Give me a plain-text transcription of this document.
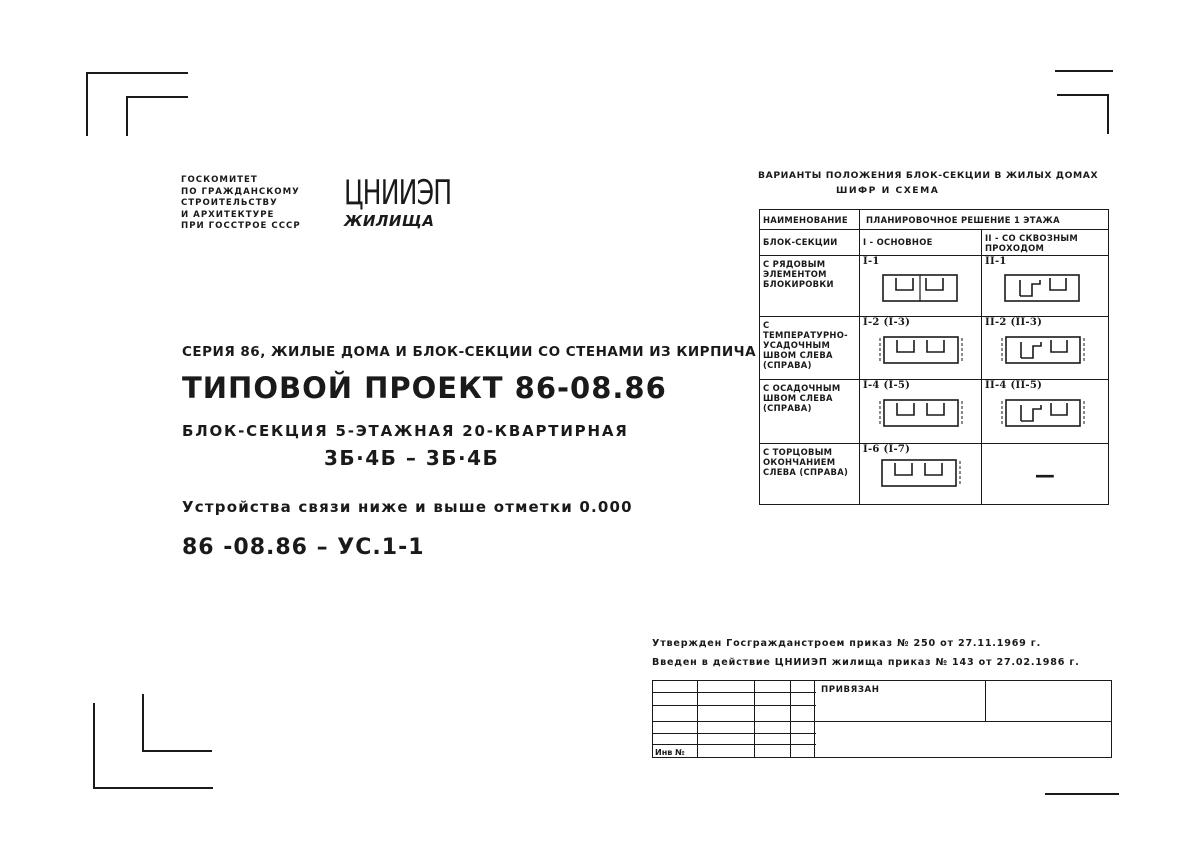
ГОСКОМИТЕТ
ПО ГРАЖДАНСКОМУ
СТРОИТЕЛЬСТВУ
И АРХИТЕКТУРЕ
ПРИ ГОССТРОЕ СССР
ЦНИИЭП
ЖИЛИЩА
СЕРИЯ 86, ЖИЛЫЕ ДОМА И БЛОК-СЕКЦИИ СО СТЕНАМИ ИЗ КИРПИЧА
ТИПОВОЙ ПРОЕКТ 86-08.86
БЛОК-СЕКЦИЯ 5-ЭТАЖНАЯ 20-КВАРТИРНАЯ
3Б·4Б – 3Б·4Б
Устройства связи ниже и выше отметки 0.000
86 -08.86 – УС.1-1
ВАРИАНТЫ ПОЛОЖЕНИЯ БЛОК-СЕКЦИИ В ЖИЛЫХ ДОМАХ
ШИФР И СХЕМА
НАИМЕНОВАНИЕ	ПЛАНИРОВОЧНОЕ РЕШЕНИЕ 1 ЭТАЖА	
БЛОК-СЕКЦИИ	I - ОСНОВНОЕ	II - СО СКВОЗНЫМ ПРОХОДОМ
С РЯДОВЫМ ЭЛЕМЕНТОМ БЛОКИРОВКИ	I-1	II-1

С ТЕМПЕРАТУРНО-УСАДОЧНЫМ ШВОМ СЛЕВА (СПРАВА)	I-2 (I-3)	II-2 (II-3)

С ОСАДОЧНЫМ ШВОМ СЛЕВА (СПРАВА)	I-4 (I-5)	II-4 (II-5)

С ТОРЦОВЫМ ОКОНЧАНИЕМ СЛЕВА (СПРАВА)	I-6 (I-7)	—
Утвержден Госгражданстроем приказ № 250 от 27.11.1969 г.
Введен в действие ЦНИИЭП жилища приказ № 143 от 27.02.1986 г.
ПРИВЯЗАН
Инв №
